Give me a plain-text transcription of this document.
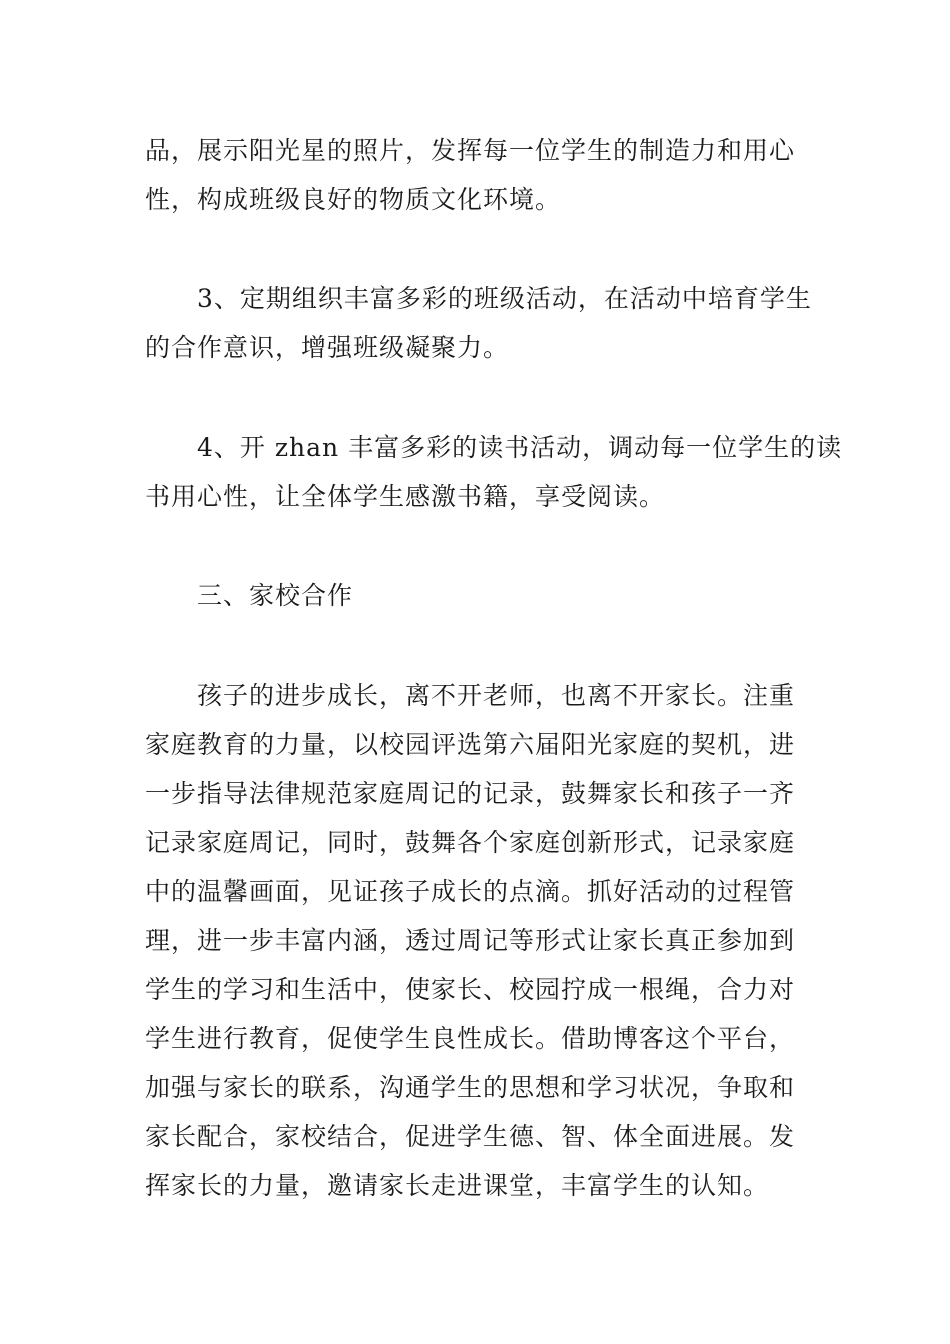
品，展示阳光星的照片，发挥每一位学生的制造力和用心
性，构成班级良好的物质文化环境。
3、定期组织丰富多彩的班级活动，在活动中培育学生
的合作意识，增强班级凝聚力。
4、开 zhan 丰富多彩的读书活动，调动每一位学生的读
书用心性，让全体学生感激书籍，享受阅读。
三、家校合作
孩子的进步成长，离不开老师，也离不开家长。注重
家庭教育的力量，以校园评选第六届阳光家庭的契机，进
一步指导法律规范家庭周记的记录，鼓舞家长和孩子一齐
记录家庭周记，同时，鼓舞各个家庭创新形式，记录家庭
中的温馨画面，见证孩子成长的点滴。抓好活动的过程管
理，进一步丰富内涵，透过周记等形式让家长真正参加到
学生的学习和生活中，使家长、校园拧成一根绳，合力对
学生进行教育，促使学生良性成长。借助博客这个平台，
加强与家长的联系，沟通学生的思想和学习状况，争取和
家长配合，家校结合，促进学生德、智、体全面进展。发
挥家长的力量，邀请家长走进课堂，丰富学生的认知。
